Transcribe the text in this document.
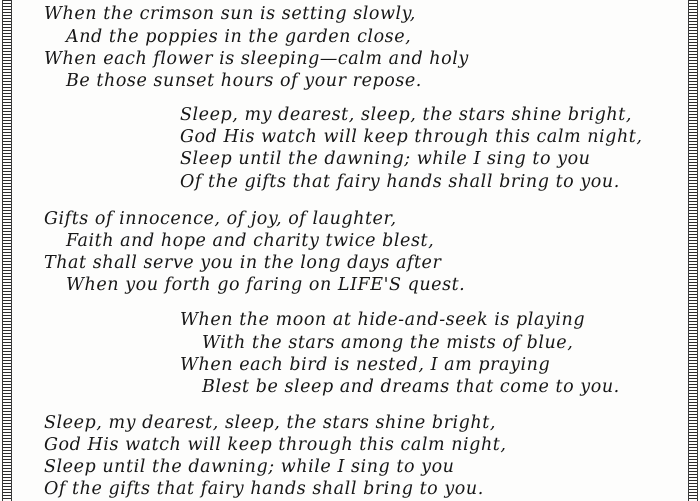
When the crimson sun is setting slowly,
And the poppies in the garden close,
When each flower is sleeping—calm and holy
Be those sunset hours of your repose.
Sleep, my dearest, sleep, the stars shine bright,
God His watch will keep through this calm night,
Sleep until the dawning; while I sing to you
Of the gifts that fairy hands shall bring to you.
Gifts of innocence, of joy, of laughter,
Faith and hope and charity twice blest,
That shall serve you in the long days after
When you forth go faring on LIFE'S quest.
When the moon at hide-and-seek is playing
With the stars among the mists of blue,
When each bird is nested, I am praying
Blest be sleep and dreams that come to you.
Sleep, my dearest, sleep, the stars shine bright,
God His watch will keep through this calm night,
Sleep until the dawning; while I sing to you
Of the gifts that fairy hands shall bring to you.
